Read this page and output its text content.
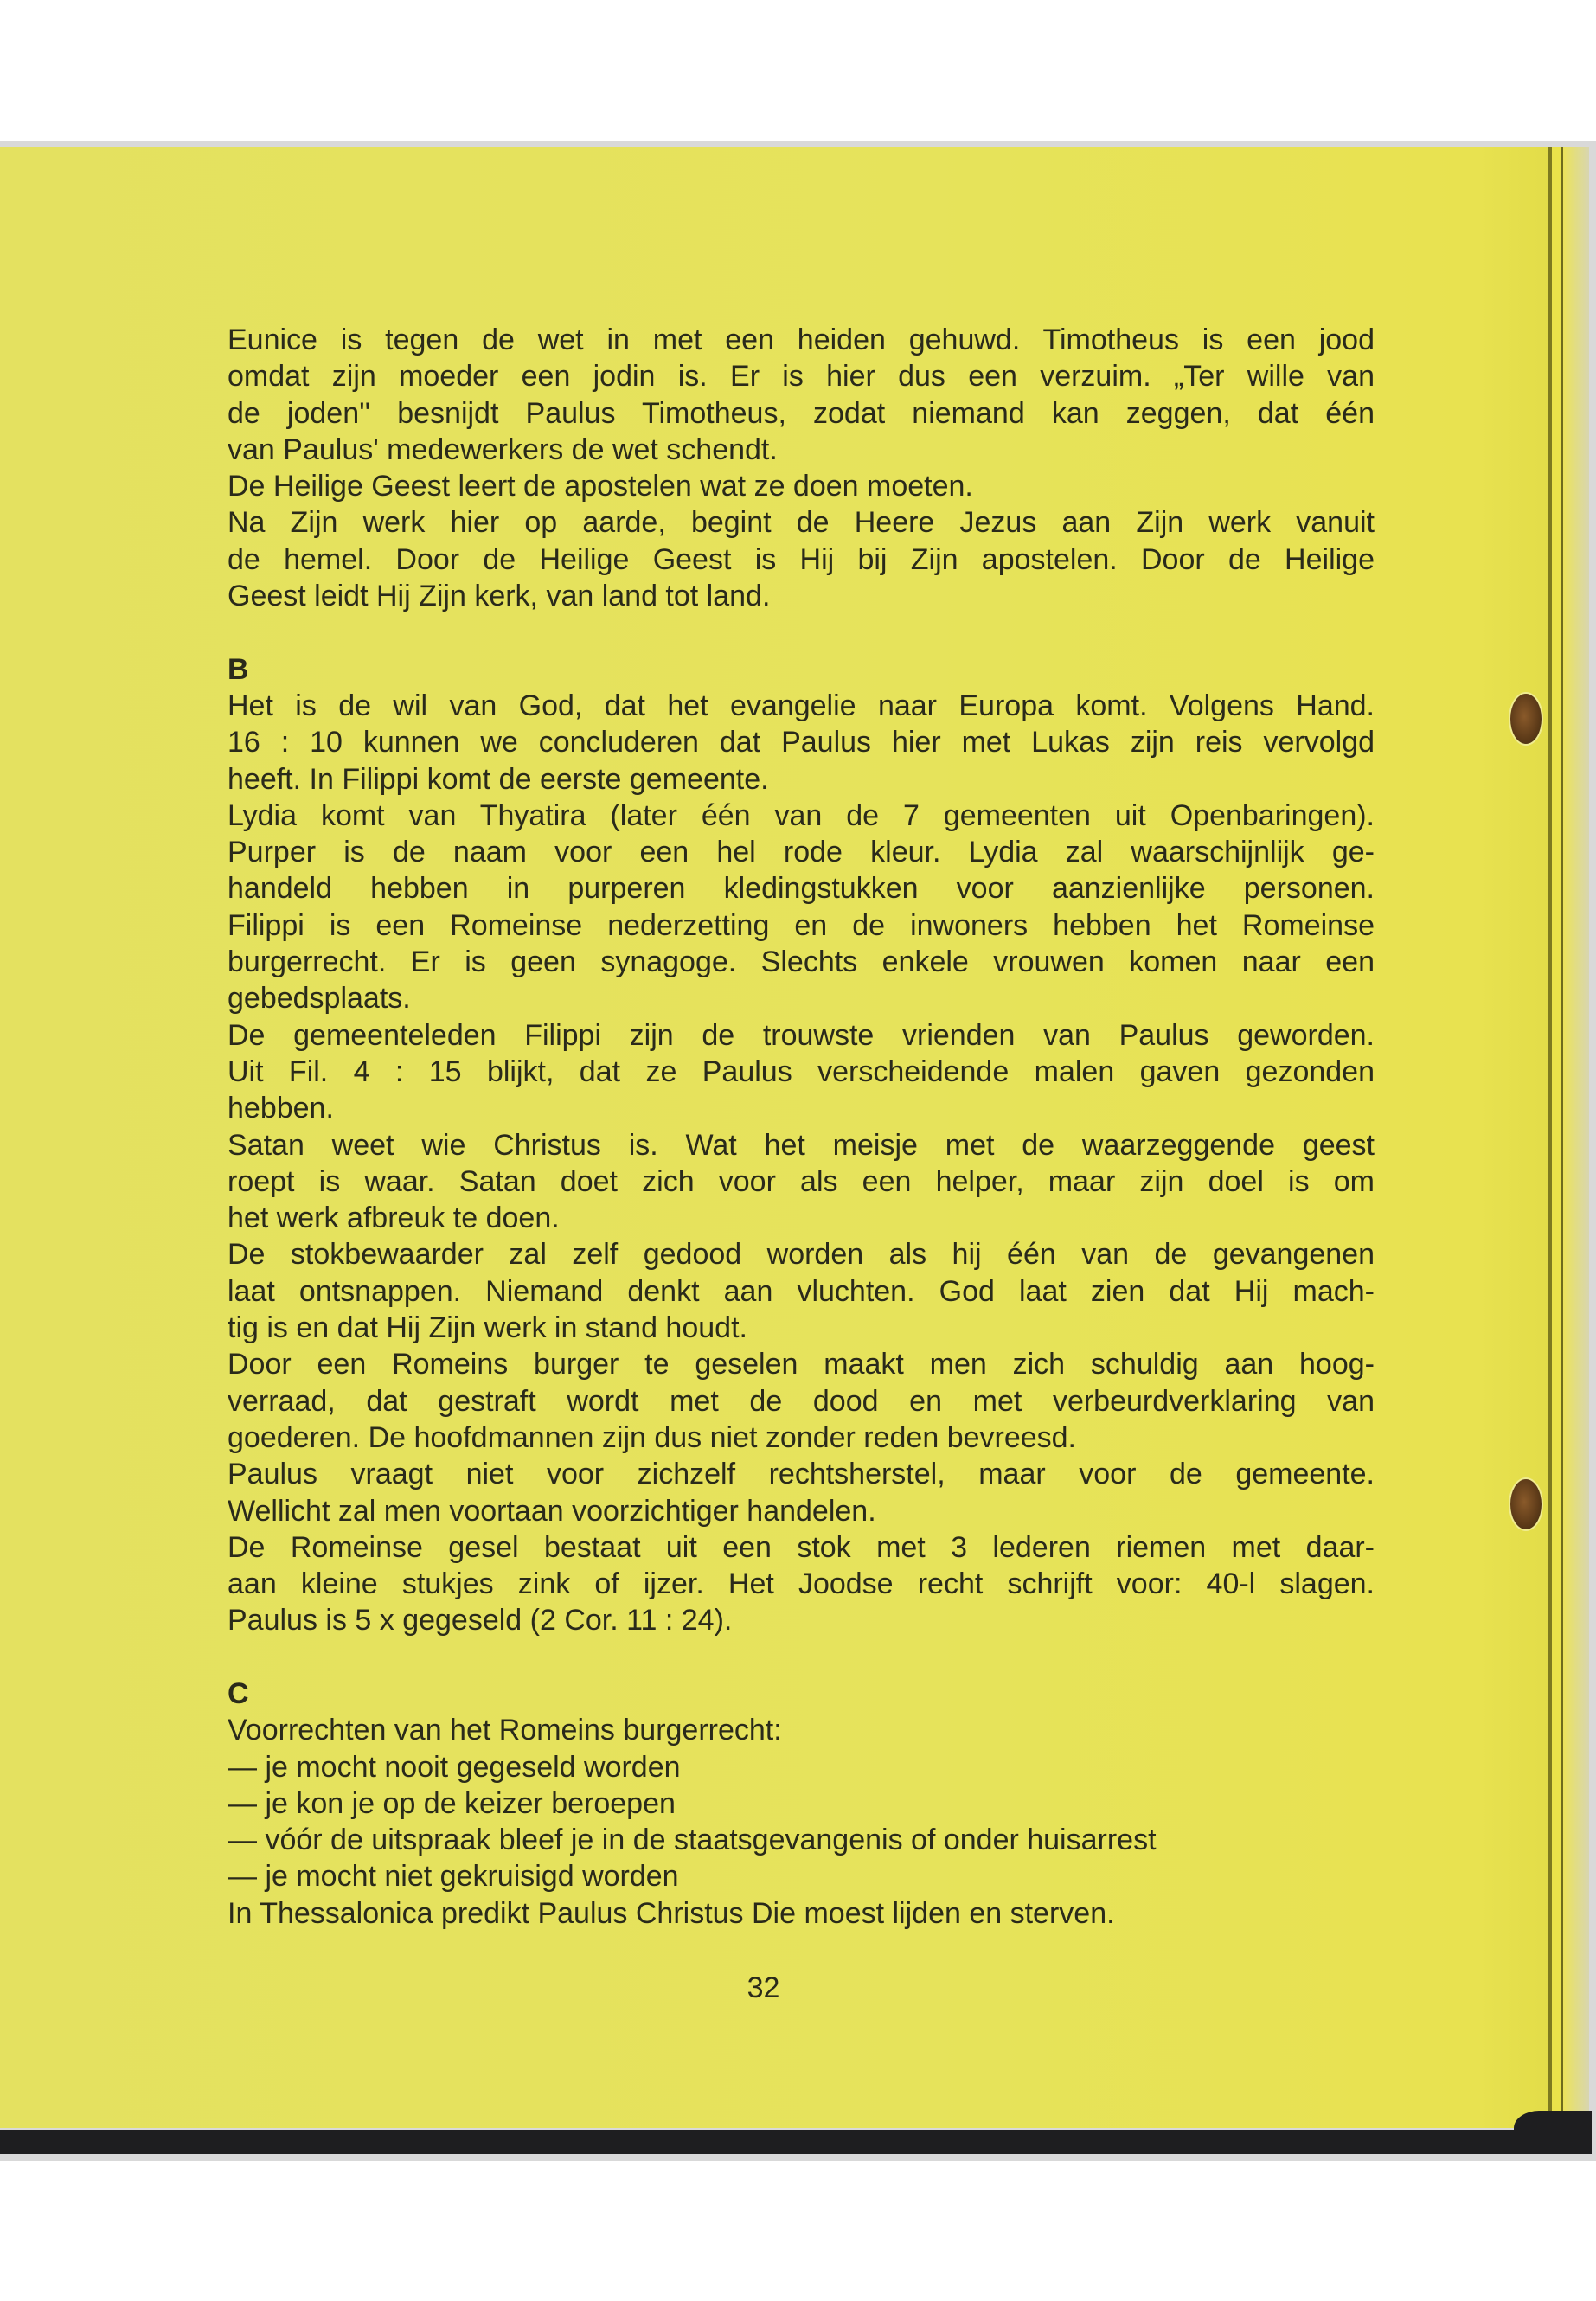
Eunice is tegen de wet in met een heiden gehuwd. Timotheus is een jood
omdat zijn moeder een jodin is. Er is hier dus een verzuim. „Ter wille van
de joden'' besnijdt Paulus Timotheus, zodat niemand kan zeggen, dat één
van Paulus' medewerkers de wet schendt.
De Heilige Geest leert de apostelen wat ze doen moeten.
Na Zijn werk hier op aarde, begint de Heere Jezus aan Zijn werk vanuit
de hemel. Door de Heilige Geest is Hij bij Zijn apostelen. Door de Heilige
Geest leidt Hij Zijn kerk, van land tot land.
B
Het is de wil van God, dat het evangelie naar Europa komt. Volgens Hand.
16 : 10 kunnen we concluderen dat Paulus hier met Lukas zijn reis vervolgd
heeft. In Filippi komt de eerste gemeente.
Lydia komt van Thyatira (later één van de 7 gemeenten uit Openbaringen).
Purper is de naam voor een hel rode kleur. Lydia zal waarschijnlijk ge-
handeld hebben in purperen kledingstukken voor aanzienlijke personen.
Filippi is een Romeinse nederzetting en de inwoners hebben het Romeinse
burgerrecht. Er is geen synagoge. Slechts enkele vrouwen komen naar een
gebedsplaats.
De gemeenteleden Filippi zijn de trouwste vrienden van Paulus geworden.
Uit Fil. 4 : 15 blijkt, dat ze Paulus verscheidende malen gaven gezonden
hebben.
Satan weet wie Christus is. Wat het meisje met de waarzeggende geest
roept is waar. Satan doet zich voor als een helper, maar zijn doel is om
het werk afbreuk te doen.
De stokbewaarder zal zelf gedood worden als hij één van de gevangenen
laat ontsnappen. Niemand denkt aan vluchten. God laat zien dat Hij mach-
tig is en dat Hij Zijn werk in stand houdt.
Door een Romeins burger te geselen maakt men zich schuldig aan hoog-
verraad, dat gestraft wordt met de dood en met verbeurdverklaring van
goederen. De hoofdmannen zijn dus niet zonder reden bevreesd.
Paulus vraagt niet voor zichzelf rechtsherstel, maar voor de gemeente.
Wellicht zal men voortaan voorzichtiger handelen.
De Romeinse gesel bestaat uit een stok met 3 lederen riemen met daar-
aan kleine stukjes zink of ijzer. Het Joodse recht schrijft voor: 40-l slagen.
Paulus is 5 x gegeseld (2 Cor. 11 : 24).
C
Voorrechten van het Romeins burgerrecht:
— je mocht nooit gegeseld worden
— je kon je op de keizer beroepen
— vóór de uitspraak bleef je in de staatsgevangenis of onder huisarrest
— je mocht niet gekruisigd worden
In Thessalonica predikt Paulus Christus Die moest lijden en sterven.
32
